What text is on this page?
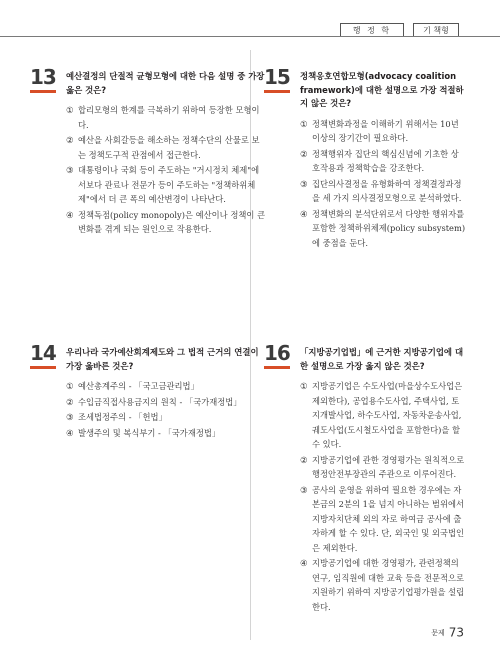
행 정 학	기 책형
13	예산결정의 단절적 균형모형에 대한 다음 설명 중 가장 옳은 것은?
① 합리모형의 한계를 극복하기 위하여 등장한 모형이다.
② 예산을 사회갈등을 해소하는 정책수단의 산물로 보는 정책도구적 관점에서 접근한다.
③ 대통령이나 국회 등이 주도하는 "거시정치 체제"에서보다 관료나 전문가 등이 주도하는 "정책하위체제"에서 더 큰 폭의 예산변경이 나타난다.
④ 정책독점(policy monopoly)은 예산이나 정책이 큰 변화를 겪게 되는 원인으로 작용한다.
15	정책옹호연합모형(advocacy coalition framework)에 대한 설명으로 가장 적절하지 않은 것은?
① 정책변화과정을 이해하기 위해서는 10년 이상의 장기간이 필요하다.
② 정책행위자 집단의 핵심신념에 기초한 상호작용과 정책학습을 강조한다.
③ 집단의사결정을 유형화하여 정책결정과정을 세 가지 의사결정모형으로 분석하였다.
④ 정책변화의 분석단위로서 다양한 행위자를 포함한 정책하위체제(policy subsystem)에 중점을 둔다.
14	우리나라 국가예산회계제도와 그 법적 근거의 연결이 가장 옳바른 것은?
① 예산총계주의 - 「국고금관리법」
② 수입금직접사용금지의 원칙 - 「국가재정법」
③ 조세법정주의 - 「헌법」
④ 발생주의 및 복식부기 - 「국가재정법」
16	「지방공기업법」에 근거한 지방공기업에 대한 설명으로 가장 옳지 않은 것은?
① 지방공기업은 수도사업(마을상수도사업은 제외한다), 공업용수도사업, 주택사업, 토지개발사업, 하수도사업, 자동차운송사업, 궤도사업(도시철도사업을 포함한다)을 할 수 있다.
② 지방공기업에 관한 경영평가는 원칙적으로 행정안전부장관의 주관으로 이루어진다.
③ 공사의 운영을 위하여 필요한 경우에는 자본금의 2분의 1을 넘지 아니하는 범위에서 지방자치단체 외의 자로 하여금 공사에 출자하게 할 수 있다. 단, 외국인 및 외국법인은 제외한다.
④ 지방공기업에 대한 경영평가, 관련정책의 연구, 임직원에 대한 교육 등을 전문적으로 지원하기 위하여 지방공기업평가원을 설립한다.
문제 73
